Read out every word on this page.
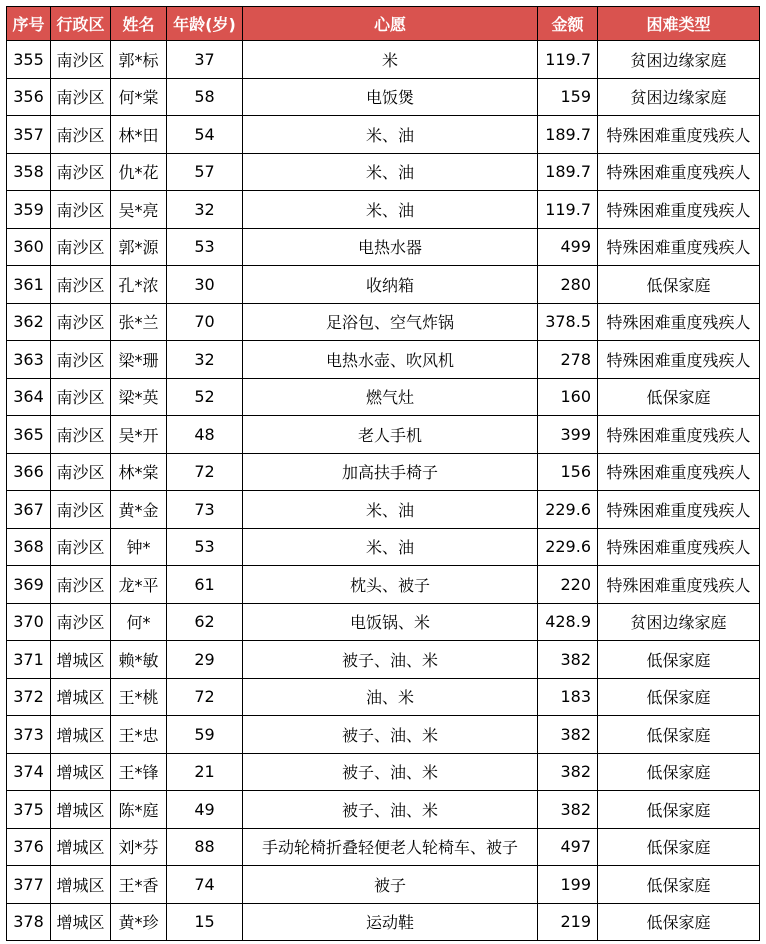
序号	行政区	姓名	年龄(岁)	心愿	金额	困难类型
355	南沙区	郭*标	37	米	119.7	贫困边缘家庭
356	南沙区	何*棠	58	电饭煲	159	贫困边缘家庭
357	南沙区	林*田	54	米、油	189.7	特殊困难重度残疾人
358	南沙区	仇*花	57	米、油	189.7	特殊困难重度残疾人
359	南沙区	吴*亮	32	米、油	119.7	特殊困难重度残疾人
360	南沙区	郭*源	53	电热水器	499	特殊困难重度残疾人
361	南沙区	孔*浓	30	收纳箱	280	低保家庭
362	南沙区	张*兰	70	足浴包、空气炸锅	378.5	特殊困难重度残疾人
363	南沙区	梁*珊	32	电热水壶、吹风机	278	特殊困难重度残疾人
364	南沙区	梁*英	52	燃气灶	160	低保家庭
365	南沙区	吴*开	48	老人手机	399	特殊困难重度残疾人
366	南沙区	林*棠	72	加高扶手椅子	156	特殊困难重度残疾人
367	南沙区	黄*金	73	米、油	229.6	特殊困难重度残疾人
368	南沙区	钟*	53	米、油	229.6	特殊困难重度残疾人
369	南沙区	龙*平	61	枕头、被子	220	特殊困难重度残疾人
370	南沙区	何*	62	电饭锅、米	428.9	贫困边缘家庭
371	增城区	赖*敏	29	被子、油、米	382	低保家庭
372	增城区	王*桃	72	油、米	183	低保家庭
373	增城区	王*忠	59	被子、油、米	382	低保家庭
374	增城区	王*锋	21	被子、油、米	382	低保家庭
375	增城区	陈*庭	49	被子、油、米	382	低保家庭
376	增城区	刘*芬	88	手动轮椅折叠轻便老人轮椅车、被子	497	低保家庭
377	增城区	王*香	74	被子	199	低保家庭
378	增城区	黄*珍	15	运动鞋	219	低保家庭
